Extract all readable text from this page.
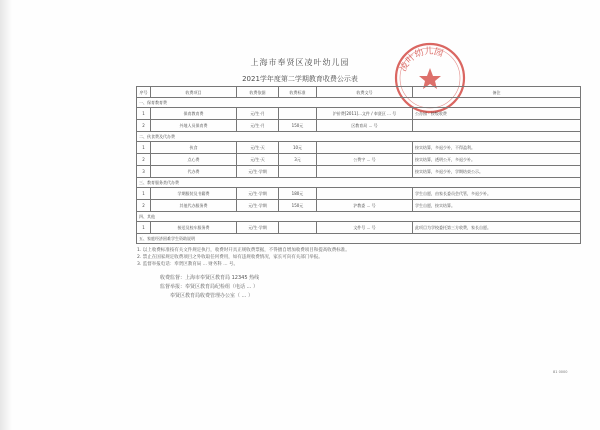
上海市奉贤区凌叶幼儿园
2021学年度第二学期教育收费公示表
凌叶幼儿园
序号	收费项目	收费依据	收费标准	收费文号	备注
一、保育教育费					
1	保育教育费	元/生·月		沪价费[2011]...文件 / 奉贤区 ... 号	公办园 · 按级收费
2	外地人员保育费	元/生·月	150元	区教育局 ... 号	
二、伙食费及代办费					
1	伙食	元/生·天	10元		按实结算，多退少补，不得盈利。
2	点心费	元/生·天	3元	公费字 ... 号	按实结算，透明公开，多退少补。
3	代办费	元/生·学期			按实结算，多退少补，学期结束公示。
三、教育服务类代办费					
1	学期服装及书籍费	元/生·学期	180元		学生自愿，由家长委员会代管，多退少补。
2	其他代办服务费	元/生·学期	150元	沪教委 ... 号	学生自愿，按实结算。
四、其他					
1	接送及校车服务费	元/生·学期		文件号 ... 号	此项目为学校委托第三方收费，家长自愿。
五、家庭经济困难学生资助说明					
1. 以上收费标准按有关文件规定执行，收费时开具正规收费票据，不得擅自增加收费项目和提高收费标准。
2. 禁止在国家规定收费项目之外收取任何费用，如有违规收费情况，家长可向有关部门举报。
3. 监督举报电话：奉贤区教育局 ... 财务科 ... 号。
收费监督：上海市奉贤区教育局 12345 热线
监督举报：奉贤区教育局纪检组（电话 ... ）
奉贤区教育局收费管理办公室（ ... ）
81 0000
